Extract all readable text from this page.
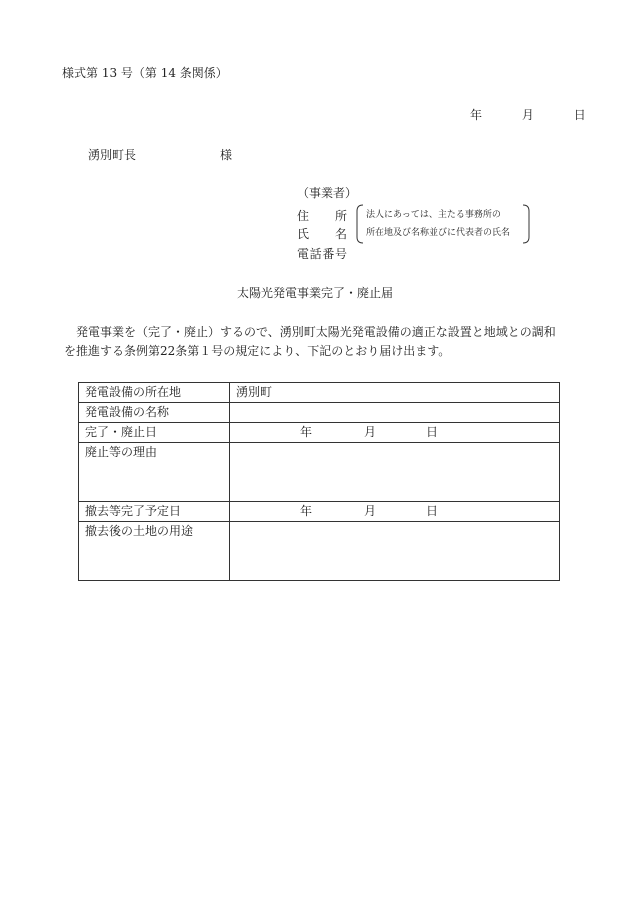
様式第 13 号（第 14 条関係）
年	月	日
湧別町長	様
（事業者）
住　所
氏　名
電話番号
法人にあっては、主たる事務所の
所在地及び名称並びに代表者の氏名
太陽光発電事業完了・廃止届
発電事業を（完了・廃止）するので、湧別町太陽光発電設備の適正な設置と地域との調和
を推進する条例第22条第１号の規定により、下記のとおり届け出ます。
発電設備の所在地	湧別町
発電設備の名称	
完了・廃止日	年 月 日
廃止等の理由	
撤去等完了予定日	年 月 日
撤去後の土地の用途	
